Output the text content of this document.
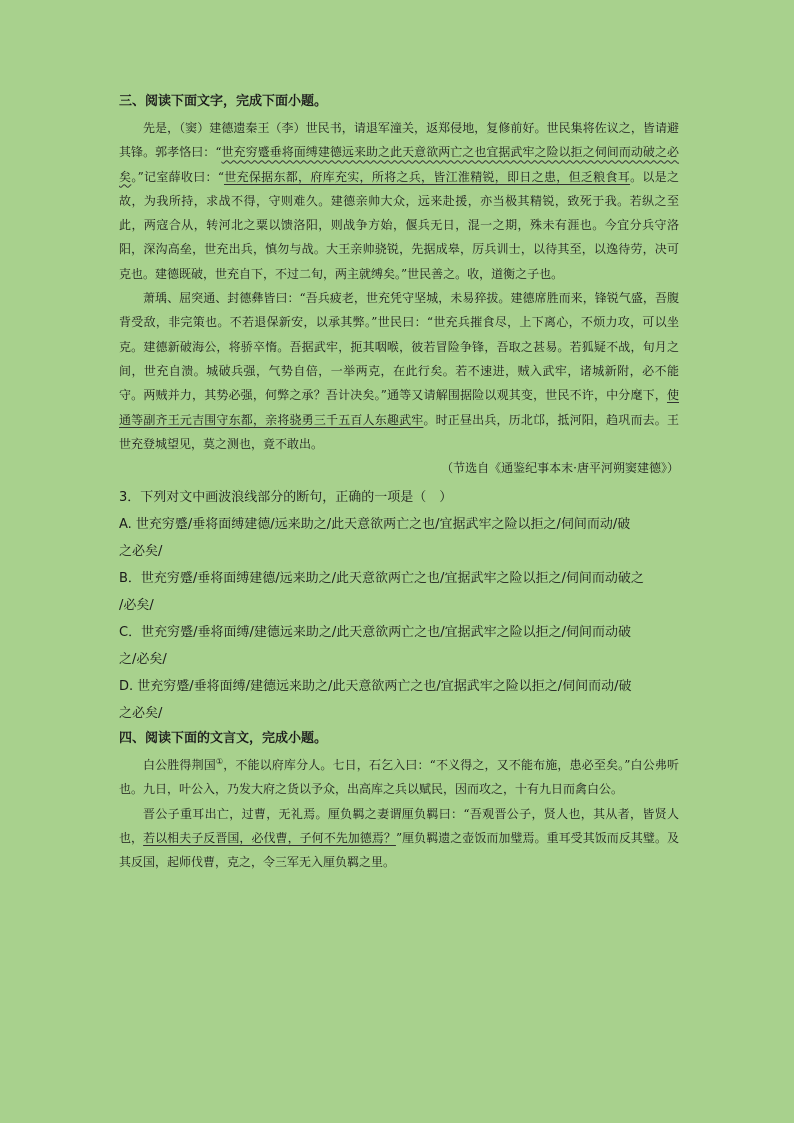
三、阅读下面文字，完成下面小题。

先是，（窦）建德遗秦王（李）世民书，请退军潼关，返郑侵地，复修前好。世民集将佐议之，皆请避其锋。郭孝恪曰：“世充穷蹙垂将面缚建德远来助之此天意欲两亡之也宜据武牢之险以拒之伺间而动破之必矣。”记室薛收曰：“世充保据东都，府库充实，所将之兵，皆江淮精锐，即日之患，但乏粮食耳。以是之故，为我所持，求战不得，守则难久。建德亲帅大众，远来赴援，亦当极其精锐，致死于我。若纵之至此，两寇合从，转河北之粟以馈洛阳，则战争方始，偃兵无日，混一之期，殊未有涯也。今宜分兵守洛阳，深沟高垒，世充出兵，慎勿与战。大王亲帅骁锐，先据成皋，厉兵训士，以待其至，以逸待劳，决可克也。建德既破，世充自下，不过二旬，两主就缚矣。”世民善之。收，道衡之子也。

萧瑀、屈突通、封德彝皆曰：“吾兵疲老，世充凭守坚城，未易猝拔。建德席胜而来，锋锐气盛，吾腹背受敌，非完策也。不若退保新安，以承其弊。”世民曰：“世充兵摧食尽，上下离心，不烦力攻，可以坐克。建德新破海公，将骄卒惰。吾据武牢，扼其咽喉，彼若冒险争锋，吾取之甚易。若狐疑不战，旬月之间，世充自溃。城破兵强，气势自倍，一举两克，在此行矣。若不速进，贼入武牢，诸城新附，必不能守。两贼并力，其势必强，何弊之承？吾计决矣。”通等又请解围据险以观其变，世民不许，中分麾下，使通等副齐王元吉围守东都，亲将骁勇三千五百人东趣武牢。时正昼出兵，历北邙，抵河阳，趋巩而去。王世充登城望见，莫之测也，竟不敢出。

（节选自《通鉴纪事本末·唐平河朔窦建德》）

3．下列对文中画波浪线部分的断句，正确的一项是（　）

A. 世充穷蹙/垂将面缚建德/远来助之/此天意欲两亡之也/宜据武牢之险以拒之/伺间而动/破

之必矣/

B．世充穷蹙/垂将面缚建德/远来助之/此天意欲两亡之也/宜据武牢之险以拒之/伺间而动破之

/必矣/

C．世充穷蹙/垂将面缚/建德远来助之/此天意欲两亡之也/宜据武牢之险以拒之/伺间而动破

之/必矣/

D. 世充穷蹙/垂将面缚/建德远来助之/此天意欲两亡之也/宜据武牢之险以拒之/伺间而动/破

之必矣/

四、阅读下面的文言文，完成小题。

白公胜得荆国①，不能以府库分人。七日，石乞入曰：“不义得之，又不能布施，患必至矣。”白公弗听也。九日，叶公入，乃发大府之货以予众，出高库之兵以赋民，因而攻之，十有九日而禽白公。

晋公子重耳出亡，过曹，无礼焉。厘负羁之妻谓厘负羁曰：“吾观晋公子，贤人也，其从者，皆贤人也，若以相夫子反晋国，必伐曹，子何不先加德焉？”厘负羁遗之壶饭而加璧焉。重耳受其饭而反其璧。及其反国，起师伐曹，克之，令三军无入厘负羁之里。
